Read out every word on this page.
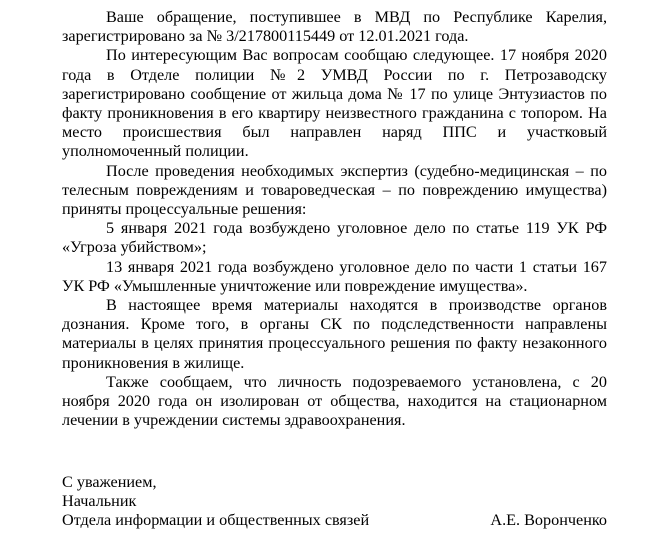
Ваше обращение, поступившее в МВД по Республике Карелия, зарегистрировано за № 3/217800115449 от 12.01.2021 года.

По интересующим Вас вопросам сообщаю следующее. 17 ноября 2020 года в Отделе полиции №2 УМВД России по г. Петрозаводску зарегистрировано сообщение от жильца дома № 17 по улице Энтузиастов по факту проникновения в его квартиру неизвестного гражданина с топором. На место происшествия был направлен наряд ППС и участковый уполномоченный полиции.

После проведения необходимых экспертиз (судебно-медицинская – по телесным повреждениям и товароведческая – по повреждению имущества) приняты процессуальные решения:

5 января 2021 года возбуждено уголовное дело по статье 119 УК РФ «Угроза убийством»;

13 января 2021 года возбуждено уголовное дело по части 1 статьи 167 УК РФ «Умышленные уничтожение или повреждение имущества».

В настоящее время материалы находятся в производстве органов дознания. Кроме того, в органы СК по подследственности направлены материалы в целях принятия процессуального решения по факту незаконного проникновения в жилище.

Также сообщаем, что личность подозреваемого установлена, с 20 ноября 2020 года он изолирован от общества, находится на стационарном лечении в учреждении системы здравоохранения.

С уважением,

Начальник

Отдела информации и общественных связей	А.Е. Воронченко
